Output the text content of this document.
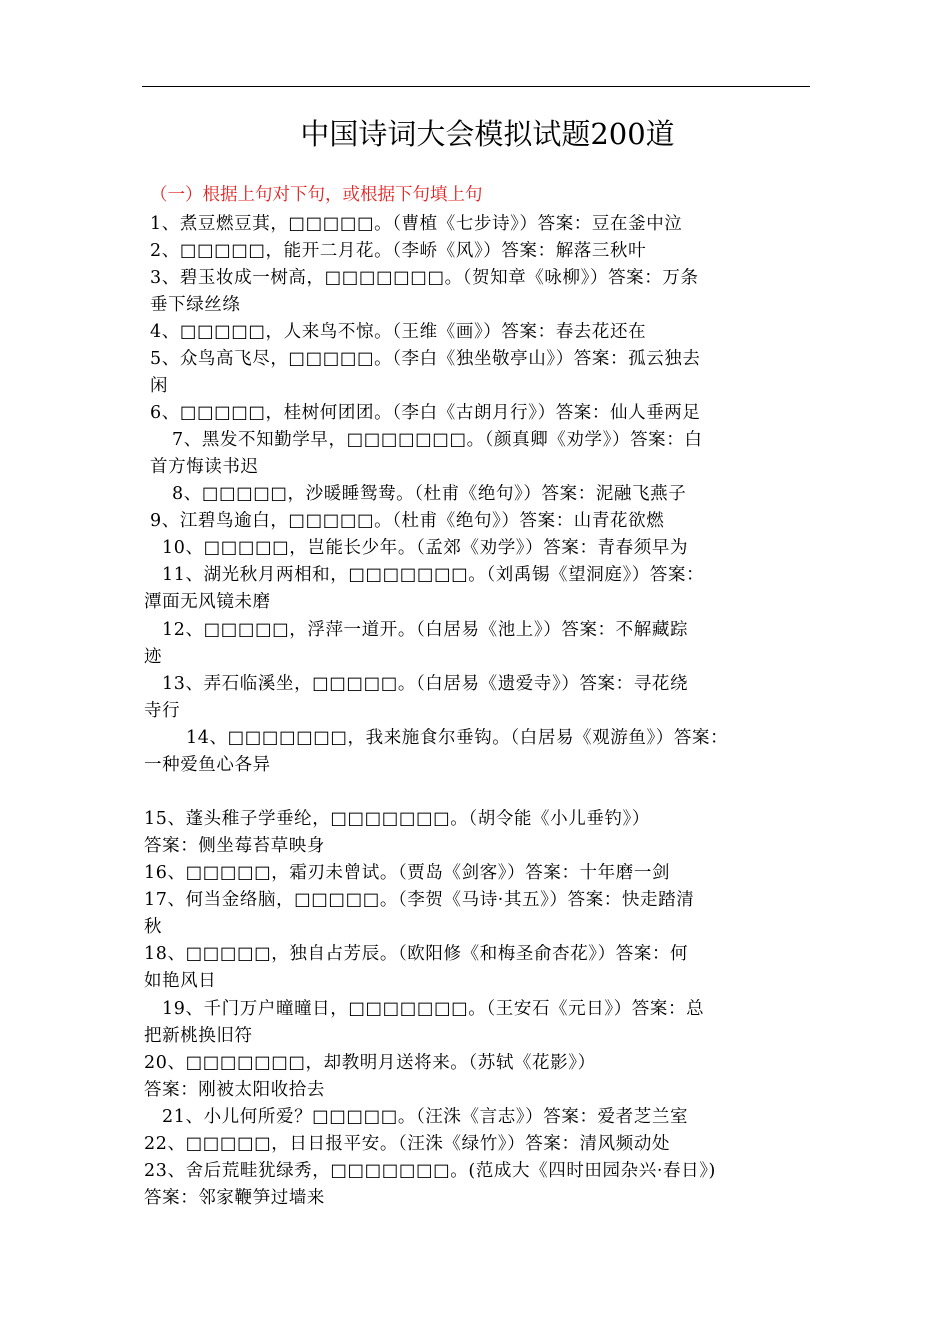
中国诗词大会模拟试题200道
（一）根据上句对下句，或根据下句填上句
1、煮豆燃豆萁，□□□□□。（曹植《七步诗》）答案：豆在釜中泣
2、□□□□□，能开二月花。（李峤《风》）答案：解落三秋叶
3、碧玉妆成一树高，□□□□□□□。（贺知章《咏柳》）答案：万条
垂下绿丝绦
4、□□□□□，人来鸟不惊。（王维《画》）答案：春去花还在
5、众鸟高飞尽，□□□□□。（李白《独坐敬亭山》）答案：孤云独去
闲
6、□□□□□，桂树何团团。（李白《古朗月行》）答案：仙人垂两足
7、黑发不知勤学早，□□□□□□□。（颜真卿《劝学》）答案：白
首方悔读书迟
8、□□□□□，沙暖睡鸳鸯。（杜甫《绝句》）答案：泥融飞燕子
9、江碧鸟逾白，□□□□□。（杜甫《绝句》）答案：山青花欲燃
10、□□□□□，岂能长少年。（孟郊《劝学》）答案：青春须早为
11、湖光秋月两相和，□□□□□□□。（刘禹锡《望洞庭》）答案：
潭面无风镜未磨
12、□□□□□，浮萍一道开。（白居易《池上》）答案：不解藏踪
迹
13、弄石临溪坐，□□□□□。（白居易《遗爱寺》）答案：寻花绕
寺行
14、□□□□□□□，我来施食尔垂钩。（白居易《观游鱼》）答案：
一种爱鱼心各异
15、蓬头稚子学垂纶，□□□□□□□。（胡令能《小儿垂钓》）
答案：侧坐莓苔草映身
16、□□□□□，霜刃未曾试。（贾岛《剑客》）答案：十年磨一剑
17、何当金络脑，□□□□□。（李贺《马诗·其五》）答案：快走踏清
秋
18、□□□□□，独自占芳辰。（欧阳修《和梅圣俞杏花》）答案：何
如艳风日
19、千门万户曈曈日，□□□□□□□。（王安石《元日》）答案：总
把新桃换旧符
20、□□□□□□□，却教明月送将来。（苏轼《花影》）
答案：刚被太阳收拾去
21、小儿何所爱？□□□□□。（汪洙《言志》）答案：爱者芝兰室
22、□□□□□，日日报平安。（汪洙《绿竹》）答案：清风频动处
23、舍后荒畦犹绿秀，□□□□□□□。(范成大《四时田园杂兴·春日》)
答案：邻家鞭笋过墙来
